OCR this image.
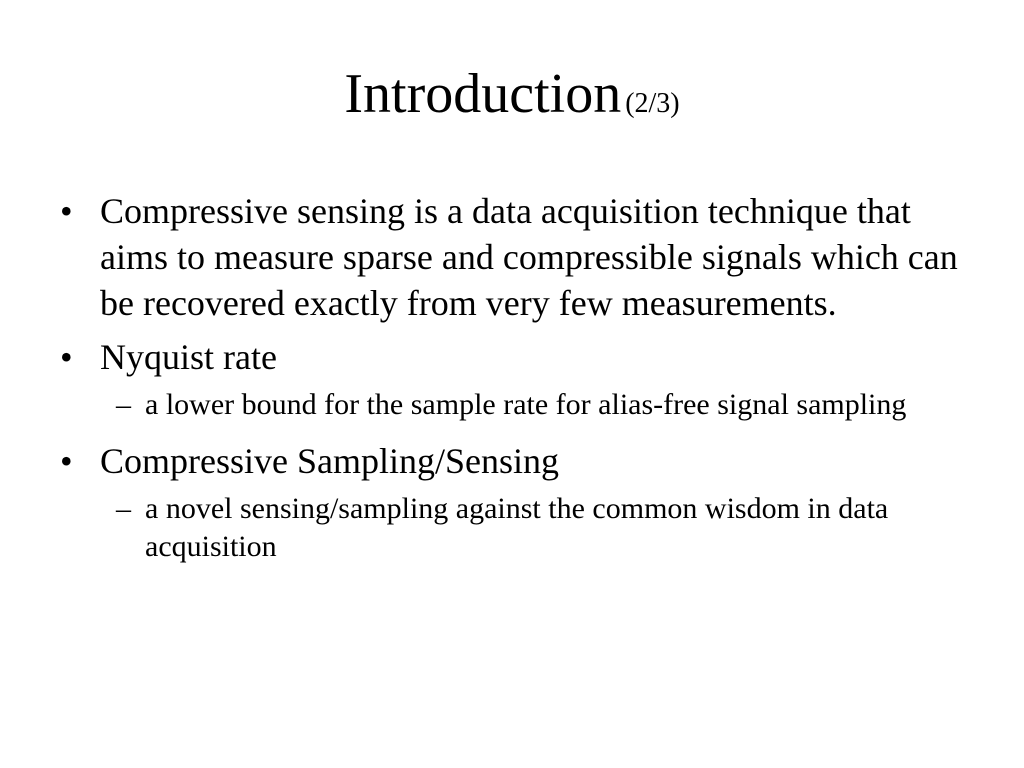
Introduction (2/3)
• Compressive sensing is a data acquisition technique that aims to measure sparse and compressible signals which can be recovered exactly from very few measurements.
• Nyquist rate
– a lower bound for the sample rate for alias-free signal sampling
• Compressive Sampling/Sensing
– a novel sensing/sampling against the common wisdom in data acquisition
